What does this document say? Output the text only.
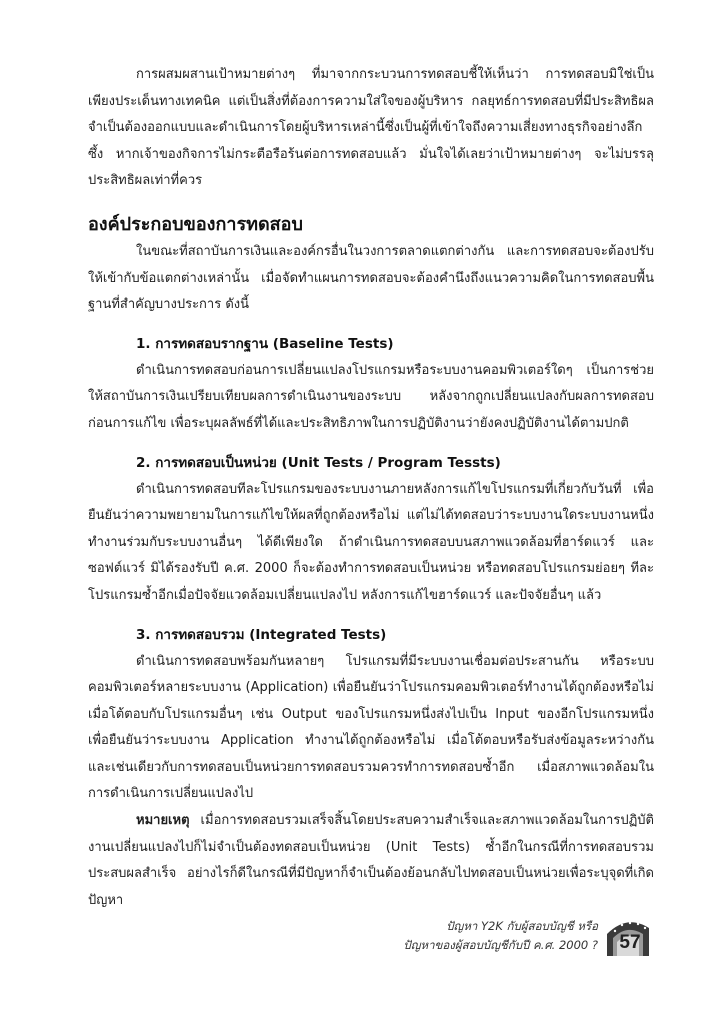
การผสมผสานเป้าหมายต่างๆ ที่มาจากกระบวนการทดสอบชี้ให้เห็นว่า การทดสอบมิใช่เป็นเพียงประเด็นทางเทคนิค แต่เป็นสิ่งที่ต้องการความใส่ใจของผู้บริหาร กลยุทธ์การทดสอบที่มีประสิทธิผลจำเป็นต้องออกแบบและดำเนินการโดยผู้บริหารเหล่านี้ซึ่งเป็นผู้ที่เข้าใจถึงความเสี่ยงทางธุรกิจอย่างลึกซึ้ง หากเจ้าของกิจการไม่กระตือรือร้นต่อการทดสอบแล้ว มั่นใจได้เลยว่าเป้าหมายต่างๆ จะไม่บรรลุประสิทธิผลเท่าที่ควร

องค์ประกอบของการทดสอบ

ในขณะที่สถาบันการเงินและองค์กรอื่นในวงการตลาดแตกต่างกัน และการทดสอบจะต้องปรับให้เข้ากับข้อแตกต่างเหล่านั้น เมื่อจัดทำแผนการทดสอบจะต้องคำนึงถึงแนวความคิดในการทดสอบพื้นฐานที่สำคัญบางประการ ดังนี้

1. การทดสอบรากฐาน (Baseline Tests)

ดำเนินการทดสอบก่อนการเปลี่ยนแปลงโปรแกรมหรือระบบงานคอมพิวเตอร์ใดๆ เป็นการช่วยให้สถาบันการเงินเปรียบเทียบผลการดำเนินงานของระบบ หลังจากถูกเปลี่ยนแปลงกับผลการทดสอบก่อนการแก้ไข เพื่อระบุผลลัพธ์ที่ได้และประสิทธิภาพในการปฏิบัติงานว่ายังคงปฏิบัติงานได้ตามปกติ

2. การทดสอบเป็นหน่วย (Unit Tests / Program Tessts)

ดำเนินการทดสอบทีละโปรแกรมของระบบงานภายหลังการแก้ไขโปรแกรมที่เกี่ยวกับวันที่ เพื่อยืนยันว่าความพยายามในการแก้ไขให้ผลที่ถูกต้องหรือไม่ แต่ไม่ได้ทดสอบว่าระบบงานใดระบบงานหนึ่งทำงานร่วมกับระบบงานอื่นๆ ได้ดีเพียงใด ถ้าดำเนินการทดสอบบนสภาพแวดล้อมที่ฮาร์ดแวร์ และซอฟต์แวร์ มิได้รองรับปี ค.ศ. 2000 ก็จะต้องทำการทดสอบเป็นหน่วย หรือทดสอบโปรแกรมย่อยๆ ทีละโปรแกรมซ้ำอีกเมื่อปัจจัยแวดล้อมเปลี่ยนแปลงไป หลังการแก้ไขฮาร์ดแวร์ และปัจจัยอื่นๆ แล้ว

3. การทดสอบรวม (Integrated Tests)

ดำเนินการทดสอบพร้อมกันหลายๆ โปรแกรมที่มีระบบงานเชื่อมต่อประสานกัน หรือระบบคอมพิวเตอร์หลายระบบงาน (Application) เพื่อยืนยันว่าโปรแกรมคอมพิวเตอร์ทำงานได้ถูกต้องหรือไม่ เมื่อโต้ตอบกับโปรแกรมอื่นๆ เช่น Output ของโปรแกรมหนึ่งส่งไปเป็น Input ของอีกโปรแกรมหนึ่ง เพื่อยืนยันว่าระบบงาน Application ทำงานได้ถูกต้องหรือไม่ เมื่อโต้ตอบหรือรับส่งข้อมูลระหว่างกัน และเช่นเดียวกับการทดสอบเป็นหน่วยการทดสอบรวมควรทำการทดสอบซ้ำอีก เมื่อสภาพแวดล้อมในการดำเนินการเปลี่ยนแปลงไป

หมายเหตุ เมื่อการทดสอบรวมเสร็จสิ้นโดยประสบความสำเร็จและสภาพแวดล้อมในการปฏิบัติงานเปลี่ยนแปลงไปก็ไม่จำเป็นต้องทดสอบเป็นหน่วย (Unit Tests) ซ้ำอีกในกรณีที่การทดสอบรวมประสบผลสำเร็จ อย่างไรก็ดีในกรณีที่มีปัญหาก็จำเป็นต้องย้อนกลับไปทดสอบเป็นหน่วยเพื่อระบุจุดที่เกิดปัญหา

ปัญหา Y2K กับผู้สอบบัญชี หรือ
ปัญหาของผู้สอบบัญชีกับปี ค.ศ. 2000 ?	57
